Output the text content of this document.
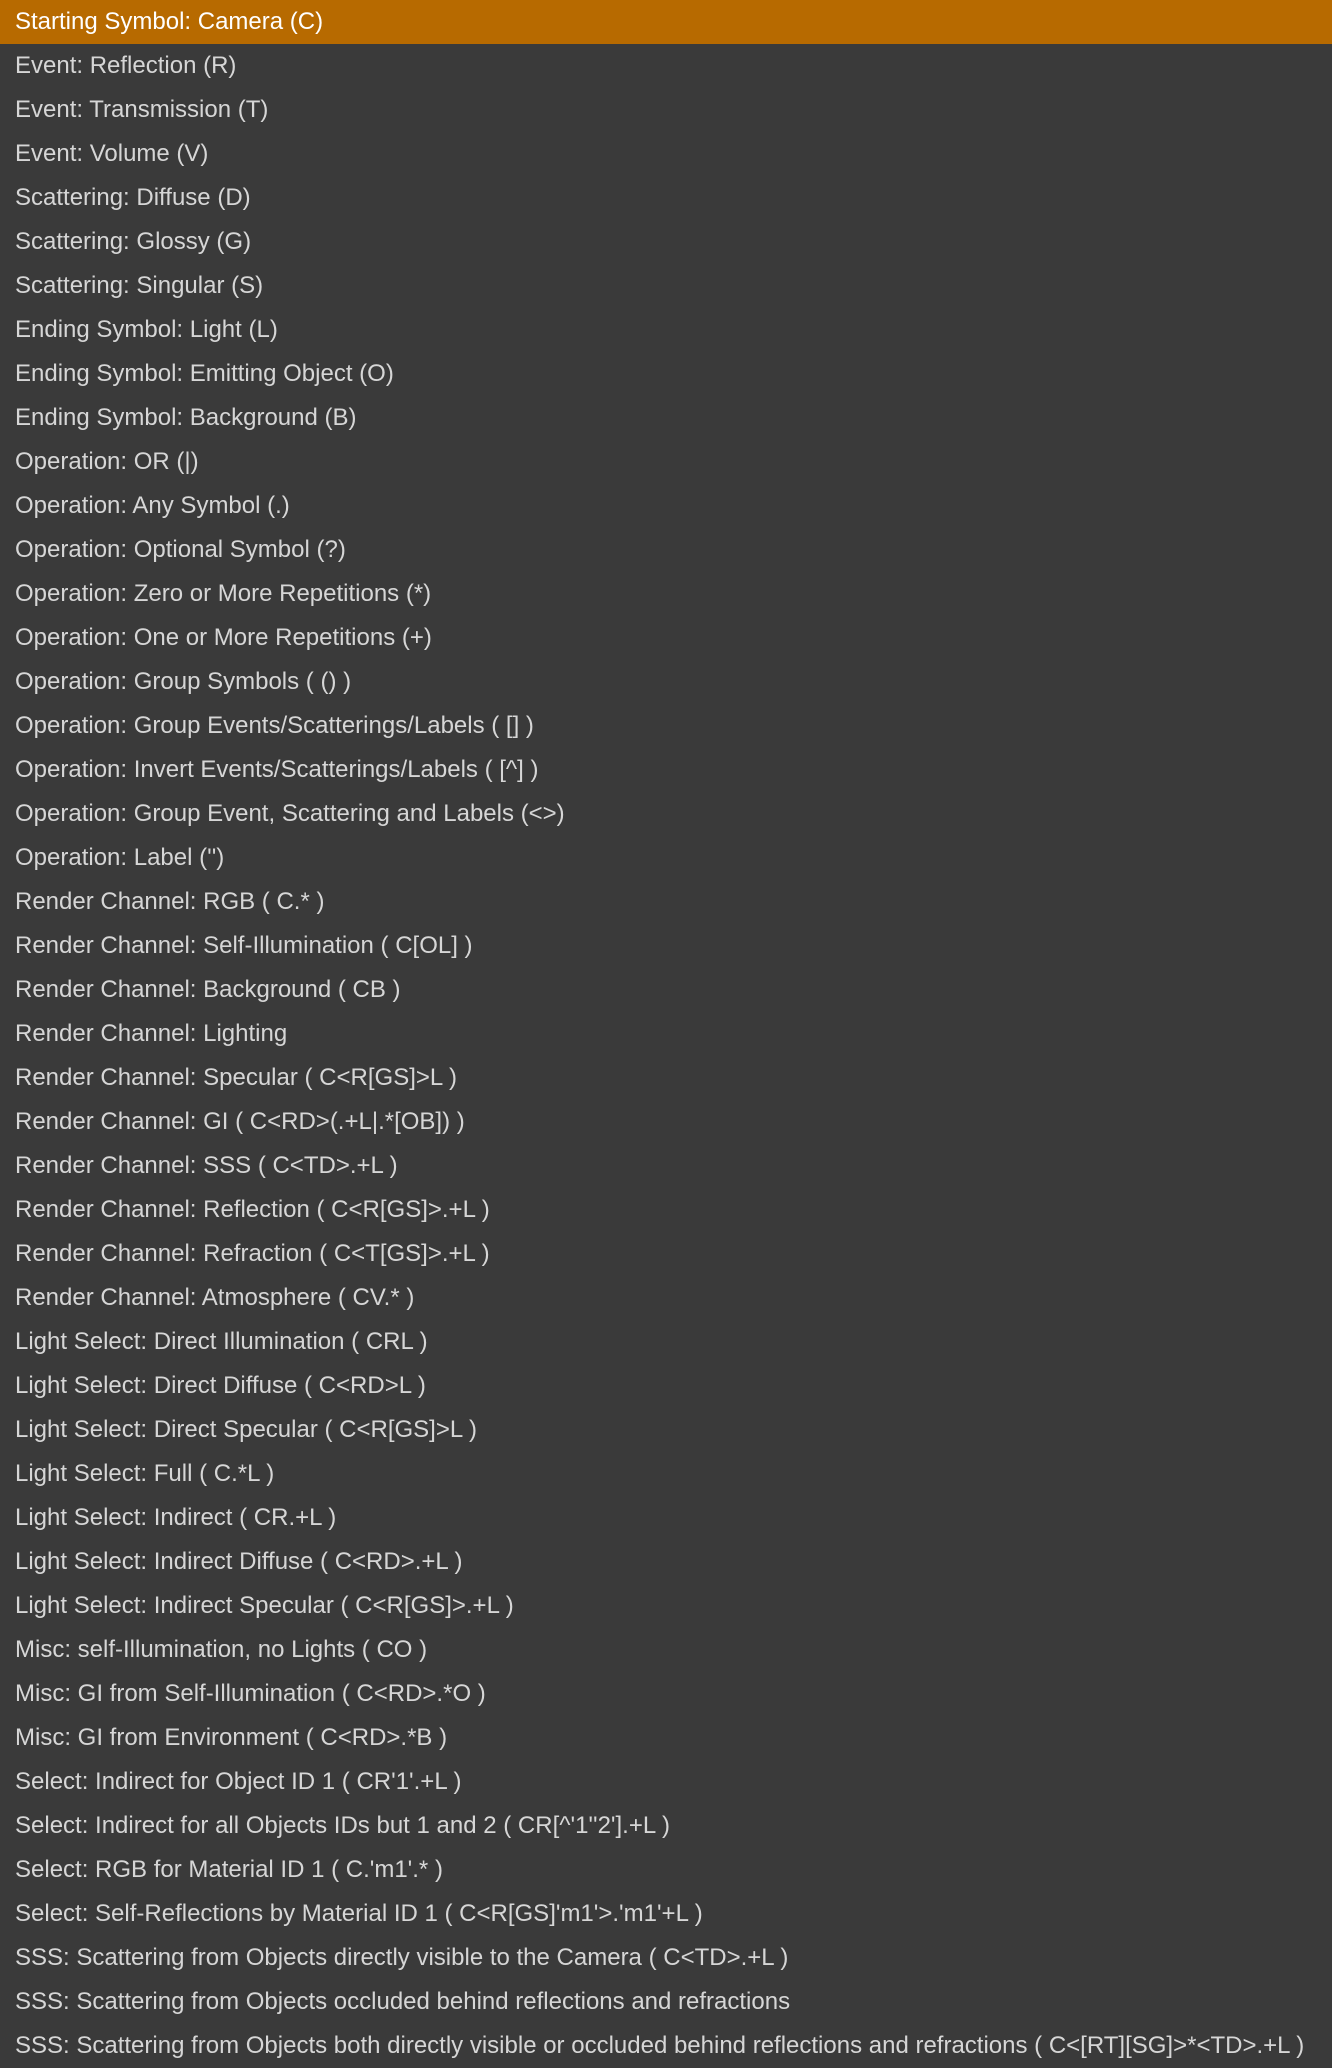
Starting Symbol: Camera (C)
Event: Reflection (R)
Event: Transmission (T)
Event: Volume (V)
Scattering: Diffuse (D)
Scattering: Glossy (G)
Scattering: Singular (S)
Ending Symbol: Light (L)
Ending Symbol: Emitting Object (O)
Ending Symbol: Background (B)
Operation: OR (|)
Operation: Any Symbol (.)
Operation: Optional Symbol (?)
Operation: Zero or More Repetitions (*)
Operation: One or More Repetitions (+)
Operation: Group Symbols ( () )
Operation: Group Events/Scatterings/Labels ( [] )
Operation: Invert Events/Scatterings/Labels ( [^] )
Operation: Group Event, Scattering and Labels (<>)
Operation: Label ('')
Render Channel: RGB ( C.* )
Render Channel: Self-Illumination ( C[OL] )
Render Channel: Background ( CB )
Render Channel: Lighting
Render Channel: Specular ( C<R[GS]>L )
Render Channel: GI ( C<RD>(.+L|.*[OB]) )
Render Channel: SSS ( C<TD>.+L )
Render Channel: Reflection ( C<R[GS]>.+L )
Render Channel: Refraction ( C<T[GS]>.+L )
Render Channel: Atmosphere ( CV.* )
Light Select: Direct Illumination ( CRL )
Light Select: Direct Diffuse ( C<RD>L )
Light Select: Direct Specular ( C<R[GS]>L )
Light Select: Full ( C.*L )
Light Select: Indirect ( CR.+L )
Light Select: Indirect Diffuse ( C<RD>.+L )
Light Select: Indirect Specular ( C<R[GS]>.+L )
Misc: self-Illumination, no Lights ( CO )
Misc: GI from Self-Illumination ( C<RD>.*O )
Misc: GI from Environment ( C<RD>.*B )
Select: Indirect for Object ID 1 ( CR'1'.+L )
Select: Indirect for all Objects IDs but 1 and 2 ( CR[^'1''2'].+L )
Select: RGB for Material ID 1 ( C.'m1'.* )
Select: Self-Reflections by Material ID 1 ( C<R[GS]'m1'>.'m1'+L )
SSS: Scattering from Objects directly visible to the Camera ( C<TD>.+L )
SSS: Scattering from Objects occluded behind reflections and refractions
SSS: Scattering from Objects both directly visible or occluded behind reflections and refractions ( C<[RT][SG]>*<TD>.+L )
